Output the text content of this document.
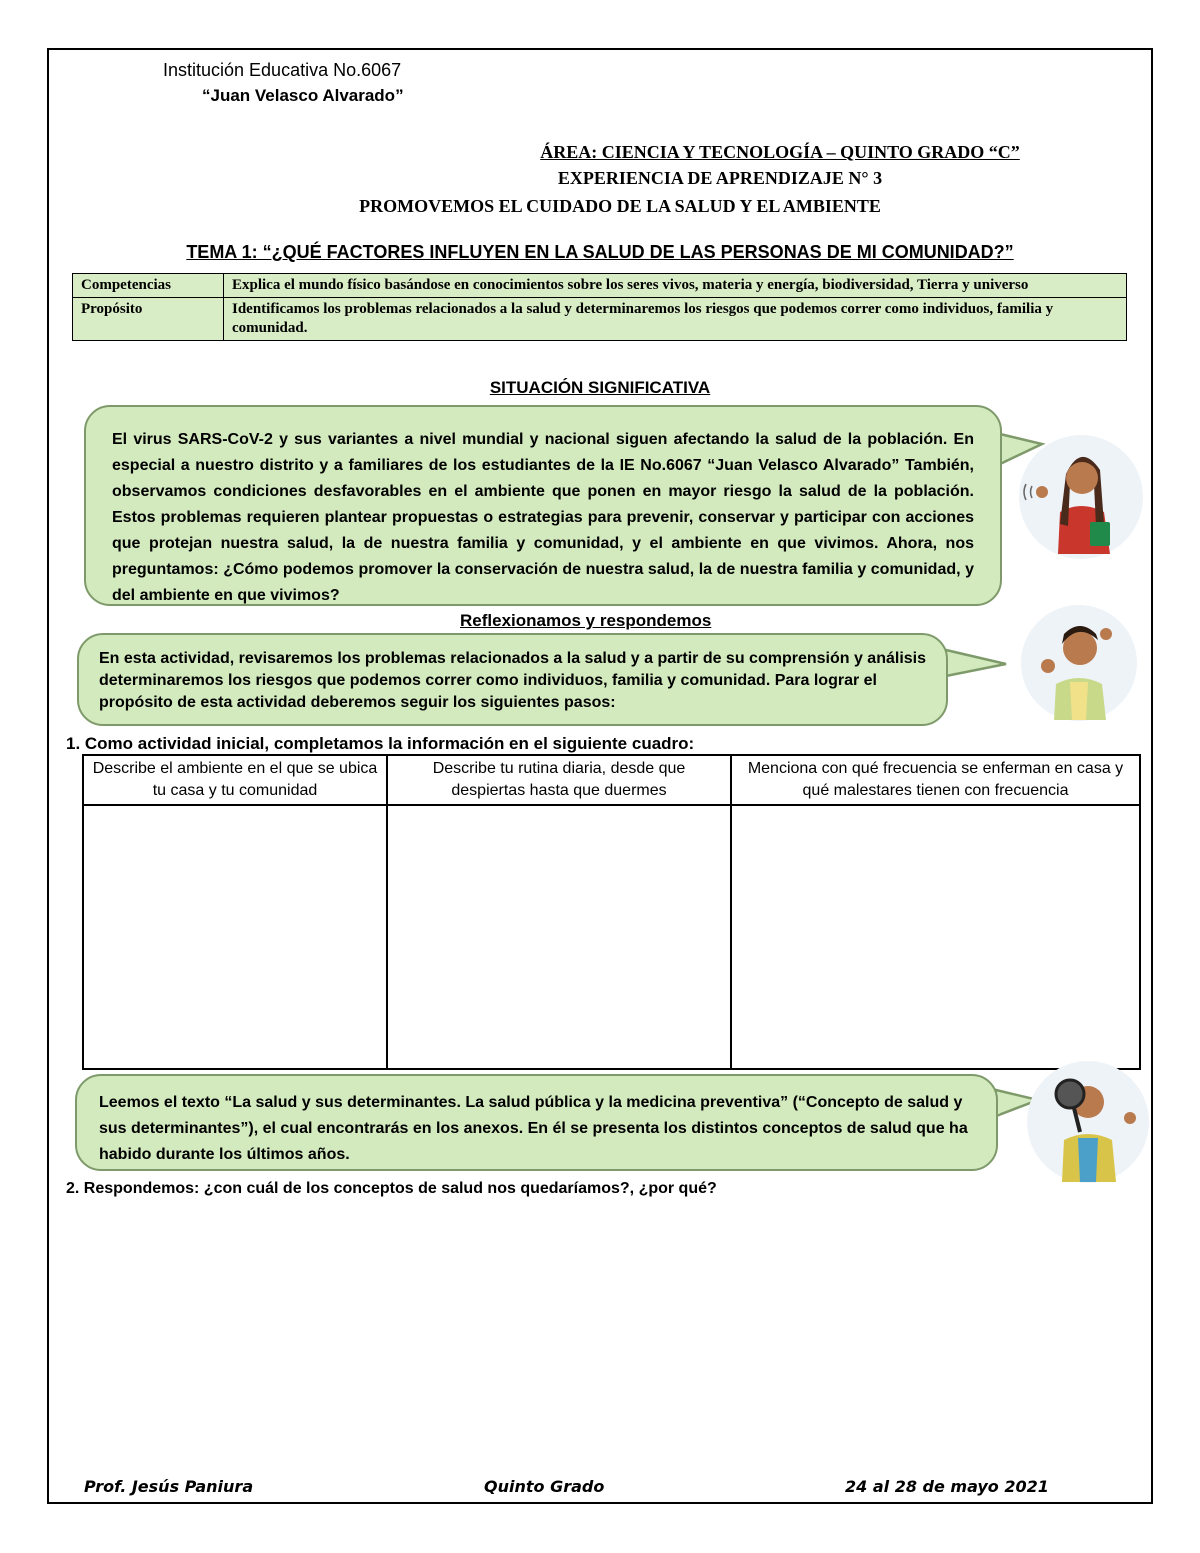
Institución Educativa No.6067
“Juan Velasco Alvarado”
ÁREA: CIENCIA Y TECNOLOGÍA – QUINTO GRADO “C”
EXPERIENCIA DE APRENDIZAJE N° 3
PROMOVEMOS EL CUIDADO DE LA SALUD Y EL AMBIENTE
TEMA 1: “¿QUÉ FACTORES INFLUYEN EN LA SALUD DE LAS PERSONAS DE MI COMUNIDAD?”
Competencias	Explica el mundo físico basándose en conocimientos sobre los seres vivos, materia y energía, biodiversidad, Tierra y universo
Propósito	Identificamos los problemas relacionados a la salud y determinaremos los riesgos que podemos correr como individuos, familia y comunidad.
SITUACIÓN SIGNIFICATIVA
El virus SARS-CoV-2 y sus variantes a nivel mundial y nacional siguen afectando la salud de la población. En especial a nuestro distrito y a familiares de los estudiantes de la IE No.6067 “Juan Velasco Alvarado” También, observamos condiciones desfavorables en el ambiente que ponen en mayor riesgo la salud de la población. Estos problemas requieren plantear propuestas o estrategias para prevenir, conservar y participar con acciones que protejan nuestra salud, la de nuestra familia y comunidad, y el ambiente en que vivimos. Ahora, nos preguntamos: ¿Cómo podemos promover la conservación de nuestra salud, la de nuestra familia y comunidad, y del ambiente en que vivimos?
Reflexionamos y respondemos
En esta actividad, revisaremos los problemas relacionados a la salud y a partir de su comprensión y análisis determinaremos los riesgos que podemos correr como individuos, familia y comunidad. Para lograr el propósito de esta actividad deberemos seguir los siguientes pasos:
1. Como actividad inicial, completamos la información en el siguiente cuadro:
Describe el ambiente en el que se ubica tu casa y tu comunidad	Describe tu rutina diaria, desde que despiertas hasta que duermes	Menciona con qué frecuencia se enferman en casa y qué malestares tienen con frecuencia

Leemos el texto “La salud y sus determinantes. La salud pública y la medicina preventiva” (“Concepto de salud y sus determinantes”), el cual encontrarás en los anexos. En él se presenta los distintos conceptos de salud que ha habido durante los últimos años.
2. Respondemos: ¿con cuál de los conceptos de salud nos quedaríamos?, ¿por qué?
Prof. Jesús Paniura	Quinto Grado	24 al 28 de mayo 2021
